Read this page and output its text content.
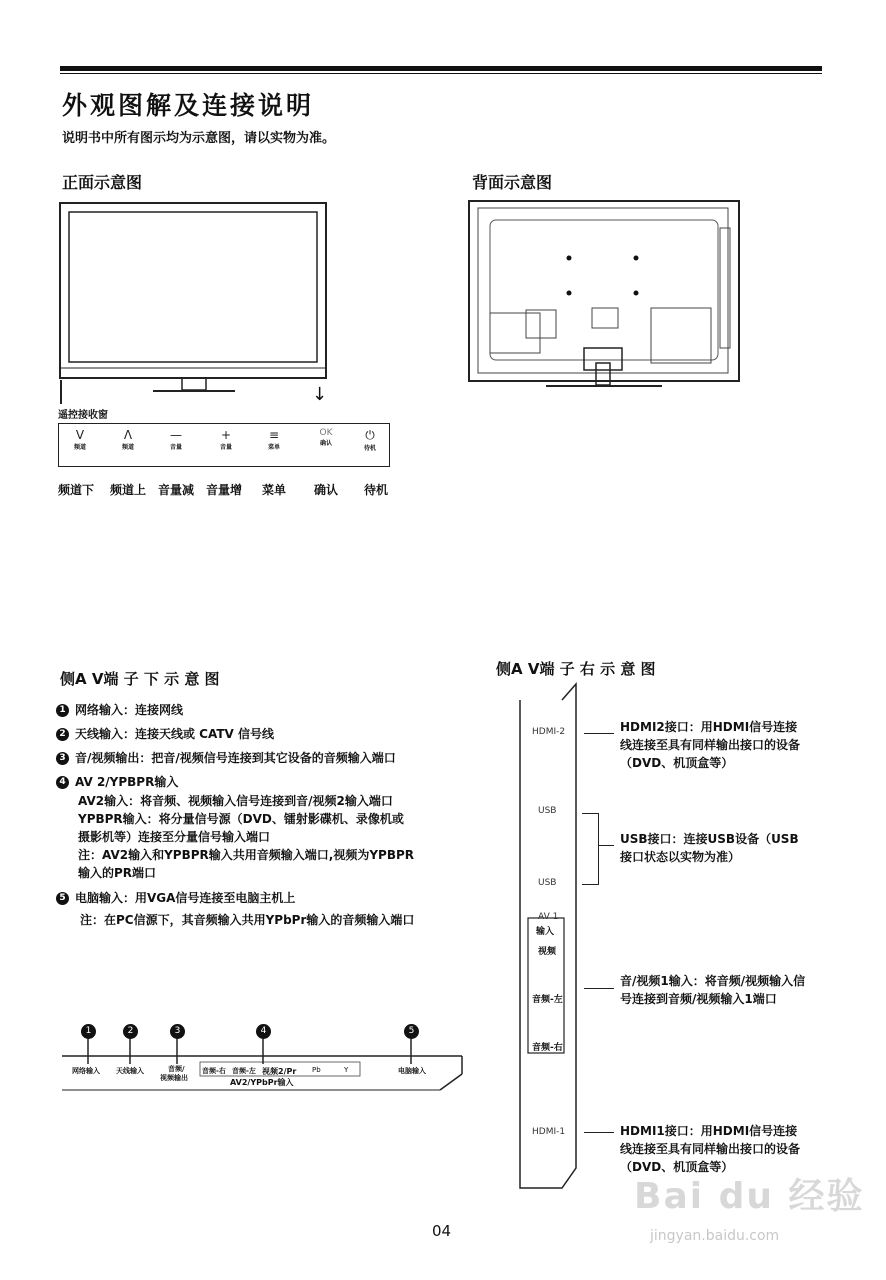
外观图解及连接说明
说明书中所有图示均为示意图，请以实物为准。
正面示意图
遥控接收窗
↓
V
频道
Λ
频道
—
音量
+
音量
≡
菜单
OK
确认
⏻
待机
频道下 频道上 音量减 音量增 菜单 确认 待机
背面示意图
侧A V端 子 下 示 意 图
1 网络输入：连接网线
2 天线输入：连接天线或 CATV 信号线
3 音/视频输出：把音/视频信号连接到其它设备的音频输入端口
4 AV 2/YPBPR输入
AV2输入：将音频、视频输入信号连接到音/视频2输入端口
YPBPR输入：将分量信号源（DVD、镭射影碟机、录像机或
摄影机等）连接至分量信号输入端口
注：AV2输入和YPBPR输入共用音频输入端口,视频为YPBPR
输入的PR端口
5 电脑输入：用VGA信号连接至电脑主机上
注：在PC信源下，其音频输入共用YPbPr输入的音频输入端口
1	2	3	4	5
网络输入 天线输入	音频/
视频输出
音频-右 音频-左 视频2/Pr Pb	Y
AV2/YPbPr输入
电脑输入
侧A V端 子 右 示 意 图
HDMI-2
USB
USB
AV 1
输入
视频
音频-左
音频-右
HDMI-1
HDMI2接口：用HDMI信号连接
线连接至具有同样输出接口的设备
（DVD、机顶盒等）
USB接口：连接USB设备（USB
接口状态以实物为准）
音/视频1输入：将音频/视频输入信
号连接到音频/视频输入1端口
HDMI1接口：用HDMI信号连接
线连接至具有同样输出接口的设备
（DVD、机顶盒等）
04
Bai du 经验
jingyan.baidu.com
